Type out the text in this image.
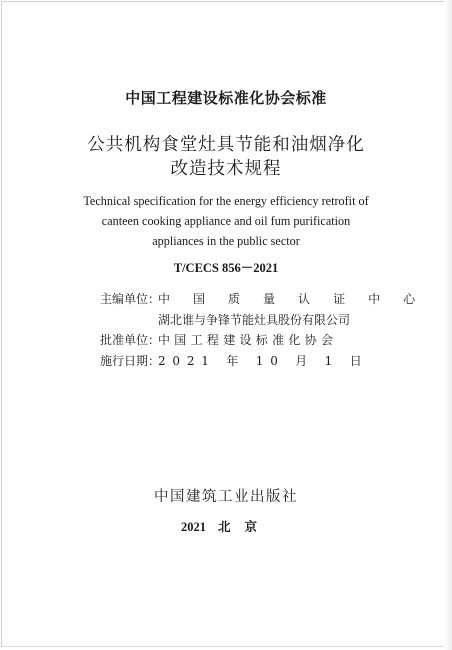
中国工程建设标准化协会标准
公共机构食堂灶具节能和油烟净化
改造技术规程
Technical specification for the energy efficiency retrofit of
canteen cooking appliance and oil fum purification
appliances in the public sector
T/CECS 856－2021
主编单位：
中 国 质 量 认 证 中 心
湖北谁与争锋节能灶具股份有限公司
批准单位：
中国工程建设标准化协会
施行日期：
2021 年 10 月 1 日
中国建筑工业出版社
2021 北京
